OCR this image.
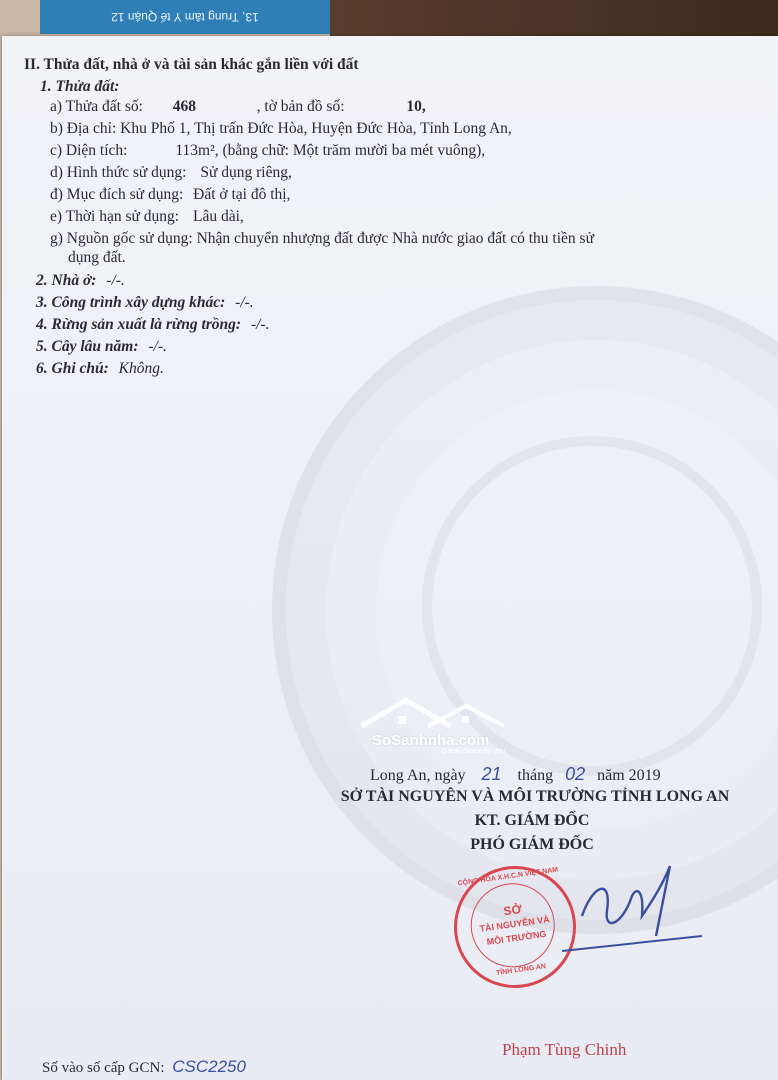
13, Trung tâm Y tế Quận 12
II. Thửa đất, nhà ở và tài sản khác gắn liền với đất
1. Thửa đất:
a) Thửa đất số: 468	, tờ bản đồ số:	10,
b) Địa chỉ: Khu Phố 1, Thị trấn Đức Hòa, Huyện Đức Hòa, Tỉnh Long An,
c) Diện tích:	113m², (bằng chữ: Một trăm mười ba mét vuông),
d) Hình thức sử dụng: Sử dụng riêng,
đ) Mục đích sử dụng: Đất ở tại đô thị,
e) Thời hạn sử dụng: Lâu dài,
g) Nguồn gốc sử dụng: Nhận chuyển nhượng đất được Nhà nước giao đất có thu tiền sử
dụng đất.
2. Nhà ở: -/-.
3. Công trình xây dựng khác: -/-.
4. Rừng sản xuất là rừng trồng: -/-.
5. Cây lâu năm: -/-.
6. Ghi chú: Không.
SoSanhnha.com
Great choice for you
Long An, ngày 21 tháng 02 năm 2019
SỞ TÀI NGUYÊN VÀ MÔI TRƯỜNG TỈNH LONG AN
KT. GIÁM ĐỐC
PHÓ GIÁM ĐỐC
CỘNG HÒA X.H.C.N VIỆT NAM
SỞ
TÀI NGUYÊN VÀ
MÔI TRƯỜNG
TỈNH LONG AN
Phạm Tùng Chinh
Số vào sổ cấp GCN: CSC2250
